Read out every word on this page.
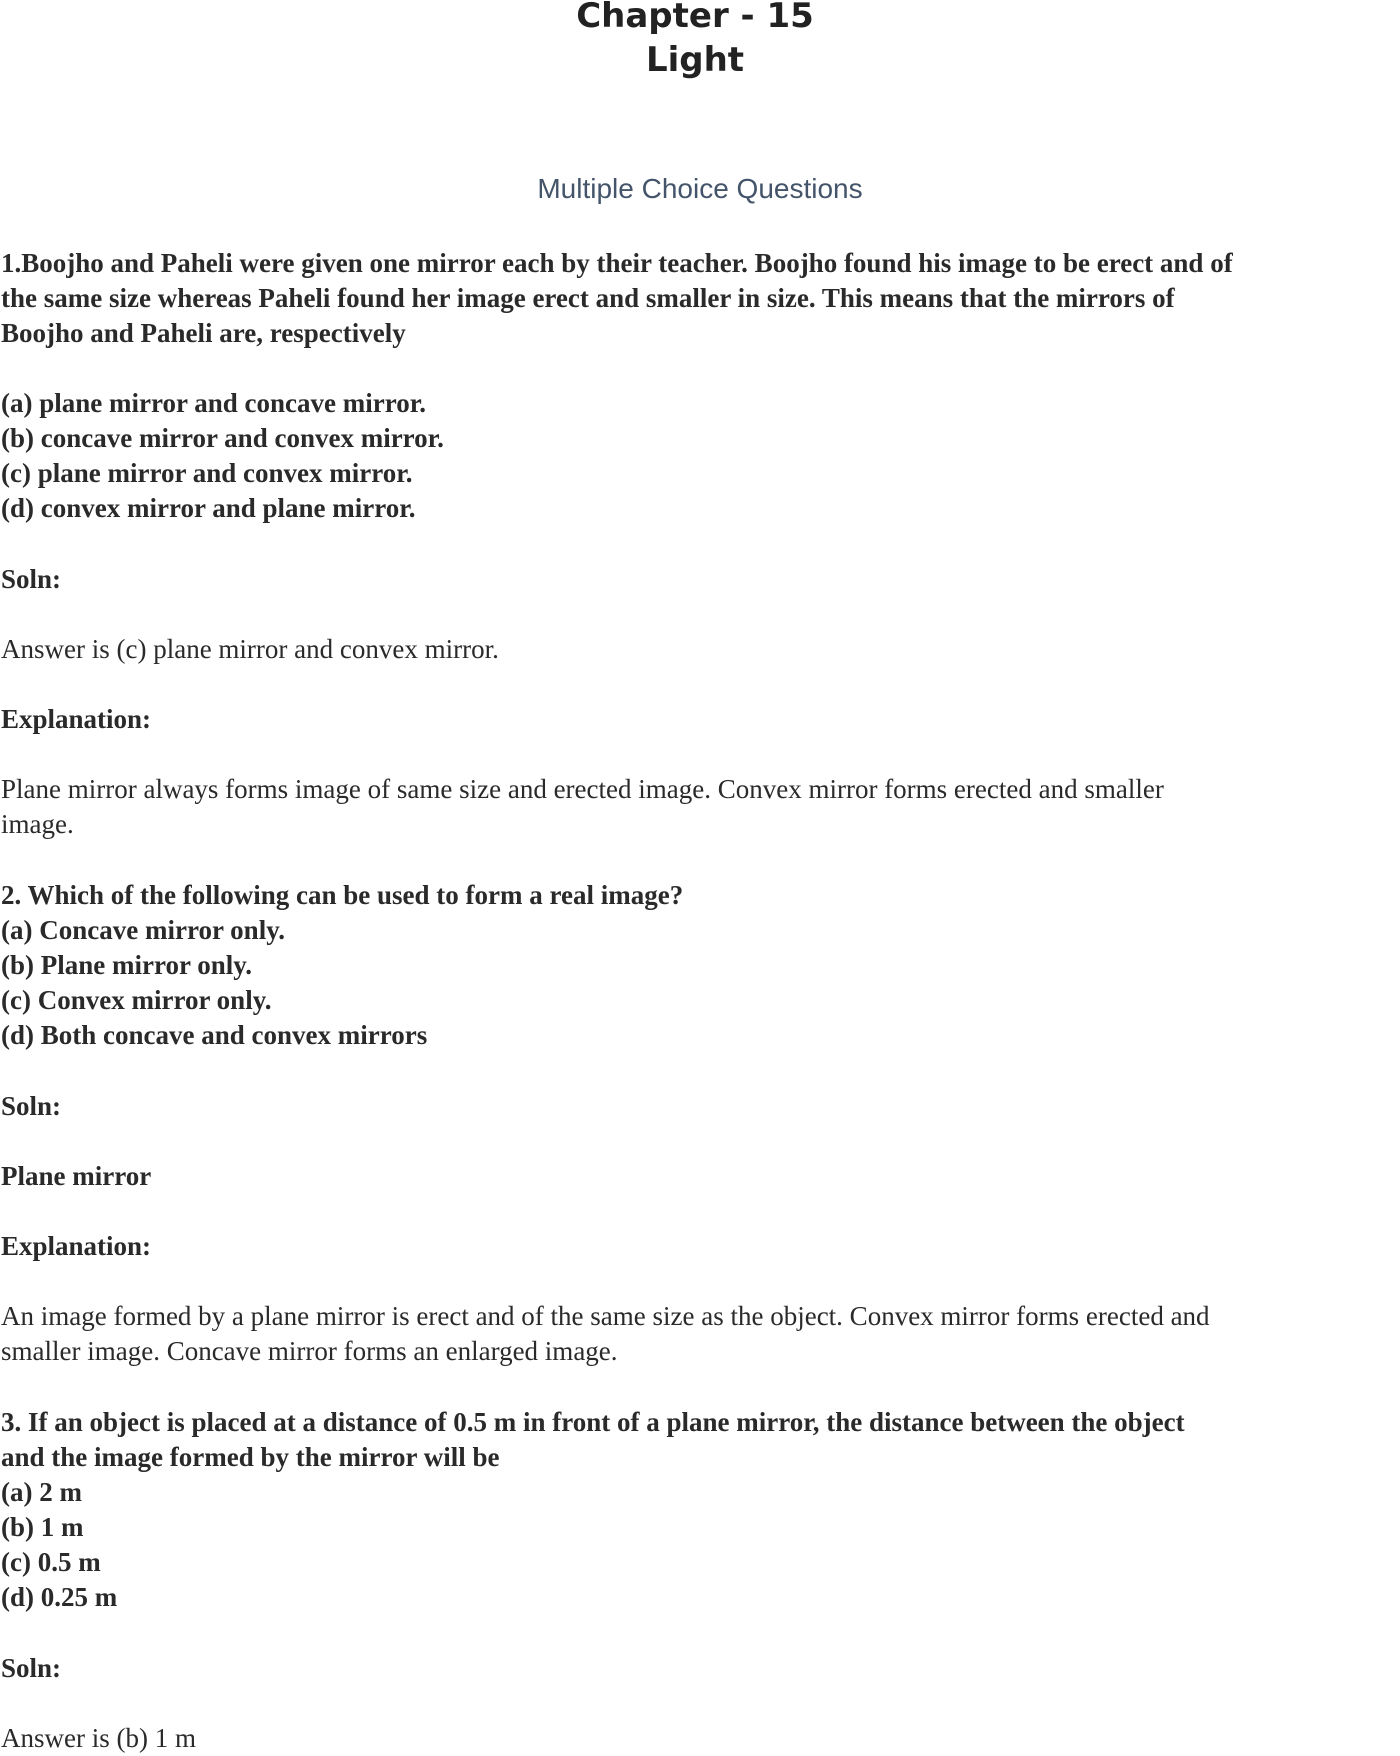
Chapter - 15
Light
Multiple Choice Questions
1.Boojho and Paheli were given one mirror each by their teacher. Boojho found his image to be erect and of
the same size whereas Paheli found her image erect and smaller in size. This means that the mirrors of
Boojho and Paheli are, respectively
(a) plane mirror and concave mirror.
(b) concave mirror and convex mirror.
(c) plane mirror and convex mirror.
(d) convex mirror and plane mirror.
Soln:
Answer is (c) plane mirror and convex mirror.
Explanation:
Plane mirror always forms image of same size and erected image. Convex mirror forms erected and smaller
image.
2. Which of the following can be used to form a real image?
(a) Concave mirror only.
(b) Plane mirror only.
(c) Convex mirror only.
(d) Both concave and convex mirrors
Soln:
Plane mirror
Explanation:
An image formed by a plane mirror is erect and of the same size as the object. Convex mirror forms erected and
smaller image. Concave mirror forms an enlarged image.
3. If an object is placed at a distance of 0.5 m in front of a plane mirror, the distance between the object
and the image formed by the mirror will be
(a) 2 m
(b) 1 m
(c) 0.5 m
(d) 0.25 m
Soln:
Answer is (b) 1 m
